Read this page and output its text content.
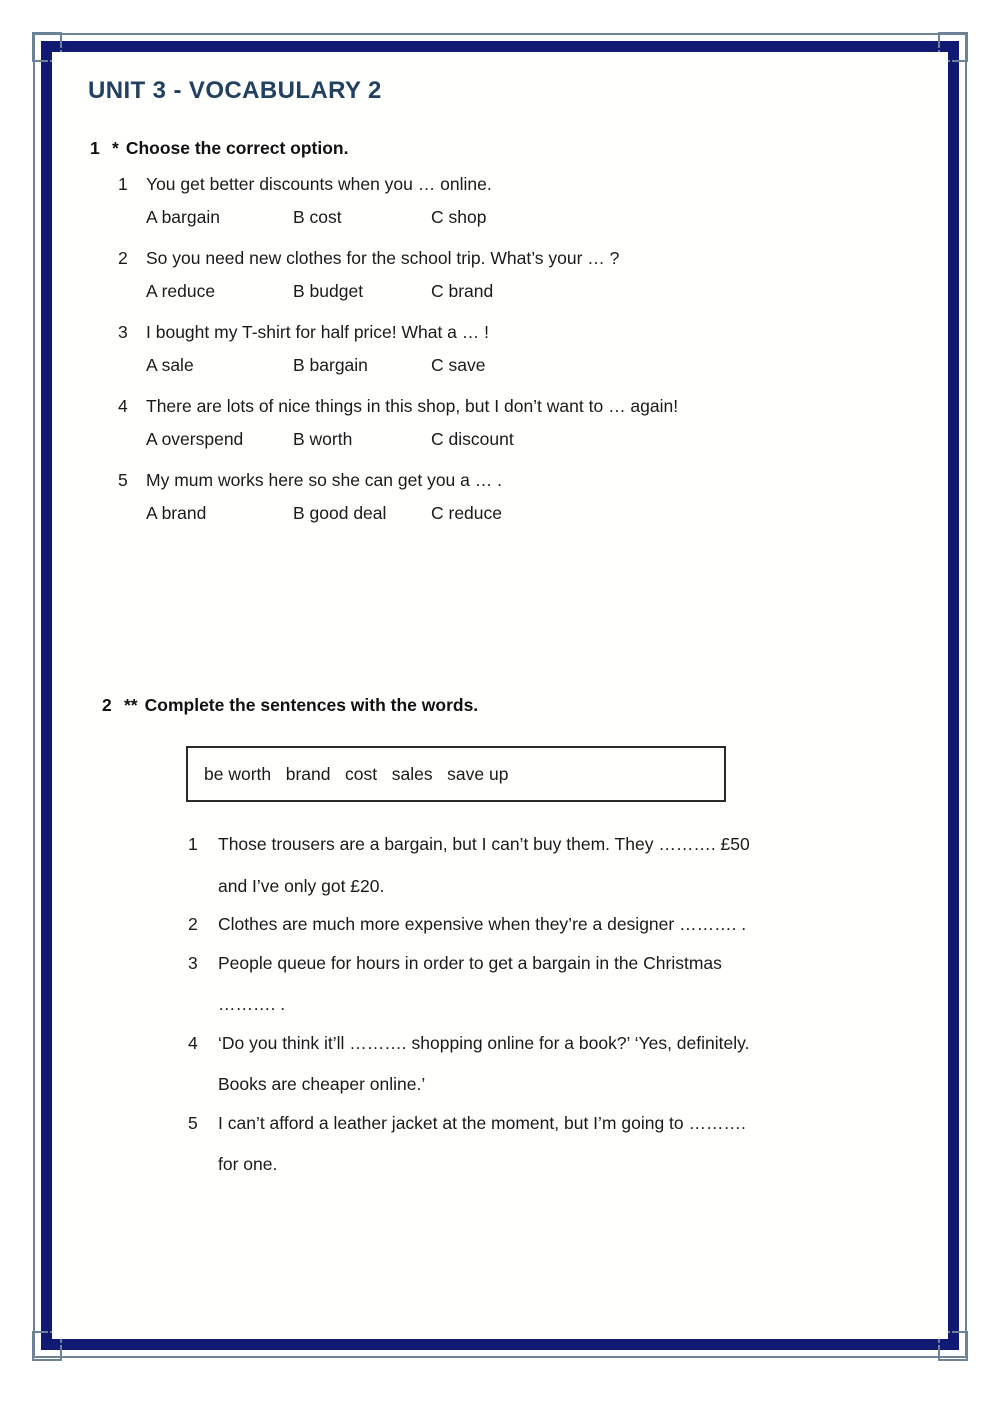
UNIT 3 - VOCABULARY 2
1 * Choose the correct option.
1	You get better discounts when you … online.
A bargain	B cost	C shop
2	So you need new clothes for the school trip. What’s your … ?
A reduce	B budget	C brand
3	I bought my T-shirt for half price! What a … !
A sale	B bargain	C save
4	There are lots of nice things in this shop, but I don’t want to … again!
A overspend	B worth	C discount
5	My mum works here so she can get you a … .
A brand	B good deal	C reduce
2 ** Complete the sentences with the words.
be worth   brand   cost   sales   save up
1	Those trousers are a bargain, but I can’t buy them. They ………. £50
and I’ve only got £20.
2	Clothes are much more expensive when they’re a designer ………. .
3	People queue for hours in order to get a bargain in the Christmas
………. .
4	‘Do you think it’ll ………. shopping online for a book?’ ‘Yes, definitely.
Books are cheaper online.’
5	I can’t afford a leather jacket at the moment, but I’m going to ……….
for one.
